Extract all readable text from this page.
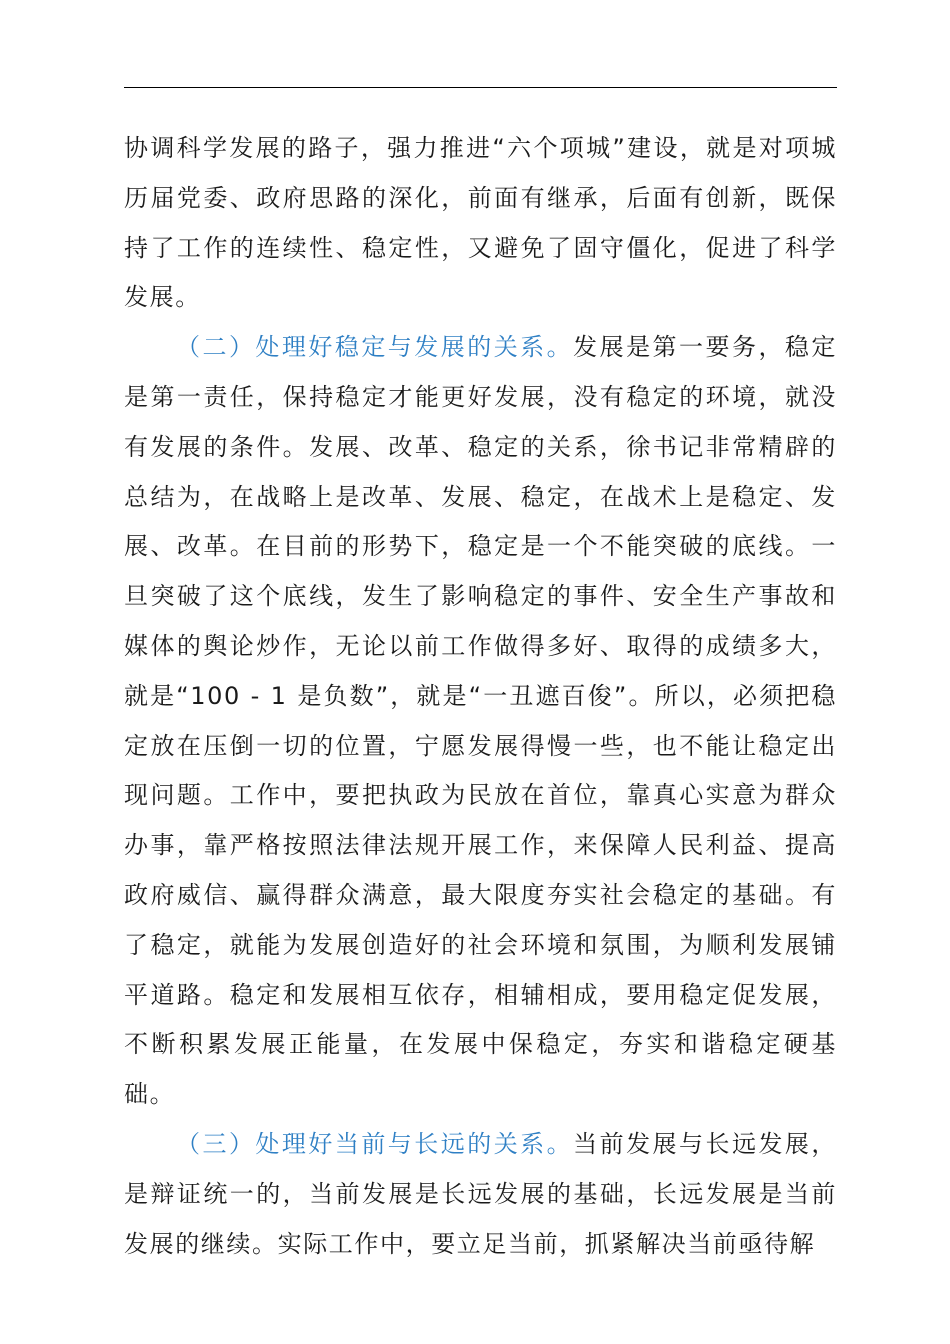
协调科学发展的路子，强力推进“六个项城”建设，就是对项城历届党委、政府思路的深化，前面有继承，后面有创新，既保持了工作的连续性、稳定性，又避免了固守僵化，促进了科学发展。

（二）处理好稳定与发展的关系。发展是第一要务，稳定是第一责任，保持稳定才能更好发展，没有稳定的环境，就没有发展的条件。发展、改革、稳定的关系，徐书记非常精辟的总结为，在战略上是改革、发展、稳定，在战术上是稳定、发展、改革。在目前的形势下，稳定是一个不能突破的底线。一旦突破了这个底线，发生了影响稳定的事件、安全生产事故和媒体的舆论炒作，无论以前工作做得多好、取得的成绩多大，就是“100 - 1 是负数”，就是“一丑遮百俊”。所以，必须把稳定放在压倒一切的位置，宁愿发展得慢一些，也不能让稳定出现问题。工作中，要把执政为民放在首位，靠真心实意为群众办事，靠严格按照法律法规开展工作，来保障人民利益、提高政府威信、赢得群众满意，最大限度夯实社会稳定的基础。有了稳定，就能为发展创造好的社会环境和氛围，为顺利发展铺平道路。稳定和发展相互依存，相辅相成，要用稳定促发展，不断积累发展正能量，在发展中保稳定，夯实和谐稳定硬基础。

（三）处理好当前与长远的关系。当前发展与长远发展，是辩证统一的，当前发展是长远发展的基础，长远发展是当前发展的继续。实际工作中，要立足当前，抓紧解决当前亟待解
